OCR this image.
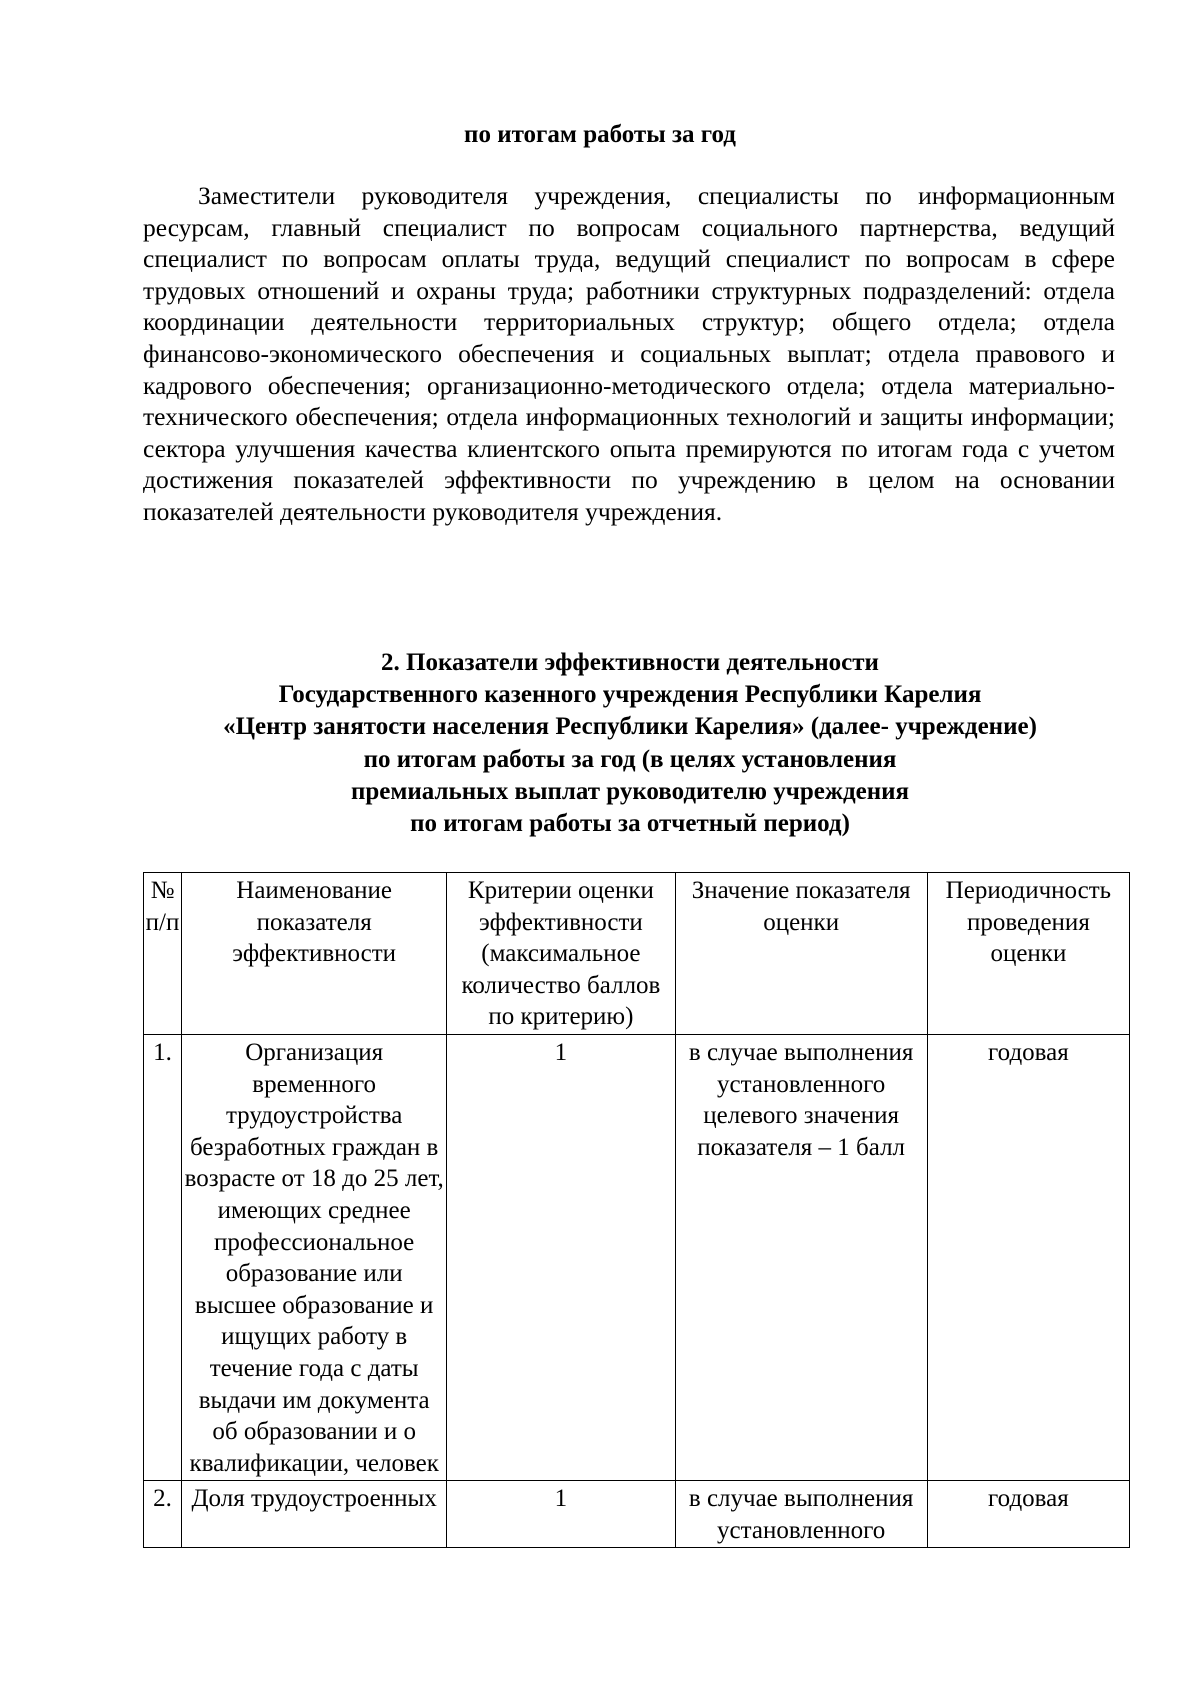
по итогам работы за год

Заместители руководителя учреждения, специалисты по информационным ресурсам, главный специалист по вопросам социального партнерства, ведущий специалист по вопросам оплаты труда, ведущий специалист по вопросам в сфере трудовых отношений и охраны труда; работники структурных подразделений: отдела координации деятельности территориальных структур; общего отдела; отдела финансово-экономического обеспечения и социальных выплат; отдела правового и кадрового обеспечения; организационно-методического отдела; отдела материально-технического обеспечения; отдела информационных технологий и защиты информации; сектора улучшения качества клиентского опыта премируются по итогам года с учетом достижения показателей эффективности по учреждению в целом на основании показателей деятельности руководителя учреждения.

2. Показатели эффективности деятельности
Государственного казенного учреждения Республики Карелия
«Центр занятости населения Республики Карелия» (далее- учреждение)
по итогам работы за год (в целях установления
премиальных выплат руководителю учреждения
по итогам работы за отчетный период)
№ п/п	Наименование показателя эффективности	Критерии оценки эффективности (максимальное количество баллов по критерию)	Значение показателя оценки	Периодичность проведения оценки
1.	Организация временного трудоустройства безработных граждан в возрасте от 18 до 25 лет, имеющих среднее профессиональное образование или высшее образование и ищущих работу в течение года с даты выдачи им документа об образовании и о квалификации, человек	1	в случае выполнения установленного целевого значения показателя – 1 балл	годовая
2.	Доля трудоустроенных	1	в случае выполнения установленного	годовая
